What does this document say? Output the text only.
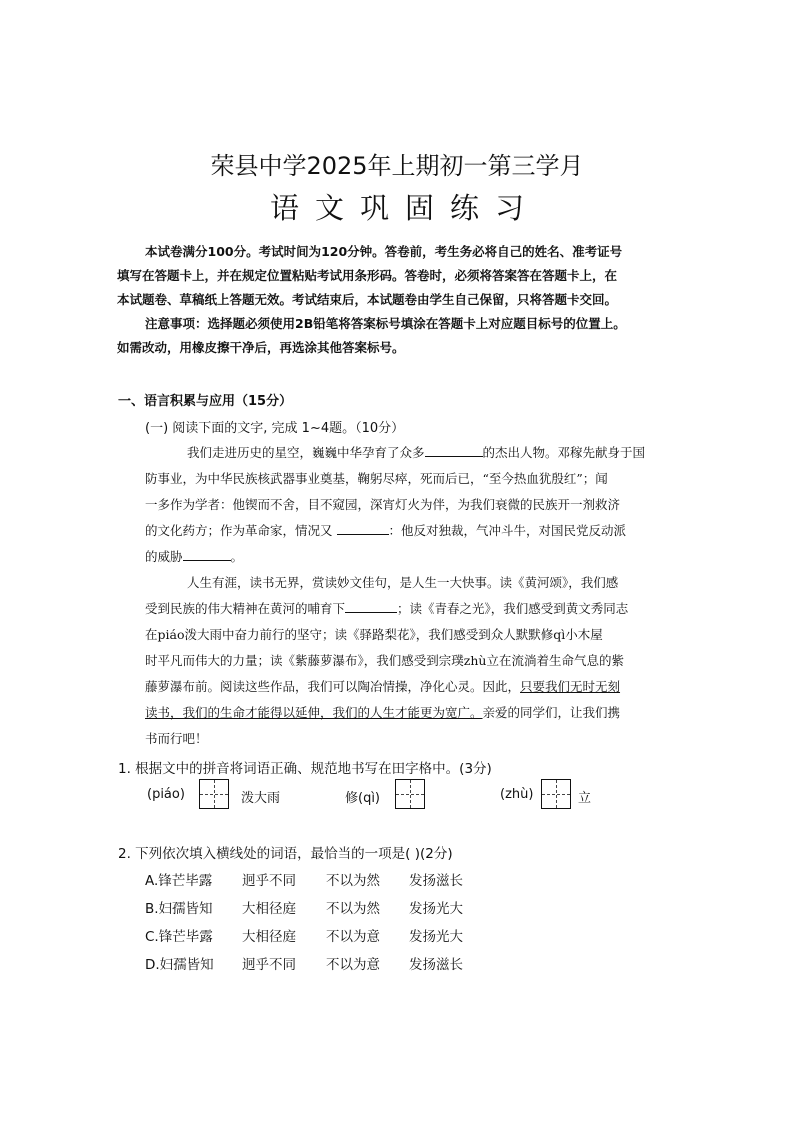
荣县中学2025年上期初一第三学月
语文巩固练习
本试卷满分100分。考试时间为120分钟。答卷前，考生务必将自己的姓名、准考证号
填写在答题卡上，并在规定位置粘贴考试用条形码。答卷时，必须将答案答在答题卡上，在
本试题卷、草稿纸上答题无效。考试结束后，本试题卷由学生自己保留，只将答题卡交回。
注意事项：选择题必须使用2B铅笔将答案标号填涂在答题卡上对应题目标号的位置上。
如需改动，用橡皮擦干净后，再选涂其他答案标号。
一、语言积累与应用（15分）
(一) 阅读下面的文字, 完成 1~4题。（10分）
我们走进历史的星空，巍巍中华孕育了众多	的杰出人物。邓稼先献身于国
防事业，为中华民族核武器事业奠基，鞠躬尽瘁，死而后已，“至今热血犹殷红”；闻
一多作为学者：他锲而不舍，目不窥园，深宵灯火为伴，为我们衰微的民族开一剂救济
的文化药方；作为革命家，情况又	：他反对独裁，气冲斗牛，对国民党反动派
的威胁	。
人生有涯，读书无界，赏读妙文佳句，是人生一大快事。读《黄河颂》，我们感
受到民族的伟大精神在黄河的哺育下	；读《青春之光》，我们感受到黄文秀同志
在piáo泼大雨中奋力前行的坚守；读《驿路梨花》，我们感受到众人默默修qì小木屋
时平凡而伟大的力量；读《紫藤萝瀑布》，我们感受到宗璞zhù立在流淌着生命气息的紫
藤萝瀑布前。阅读这些作品，我们可以陶冶情操，净化心灵。因此，只要我们无时无刻
读书，我们的生命才能得以延伸，我们的人生才能更为宽广。亲爱的同学们，让我们携
书而行吧！
1. 根据文中的拼音将词语正确、规范地书写在田字格中。(3分)
(piáo)	泼大雨	修(qì)	(zhù)	立
2. 下列依次填入横线处的词语，最恰当的一项是( )(2分)
A.锋芒毕露 迥乎不同 不以为然 发扬滋长
B.妇孺皆知 大相径庭 不以为然 发扬光大
C.锋芒毕露 大相径庭 不以为意 发扬光大
D.妇孺皆知 迥乎不同 不以为意 发扬滋长
